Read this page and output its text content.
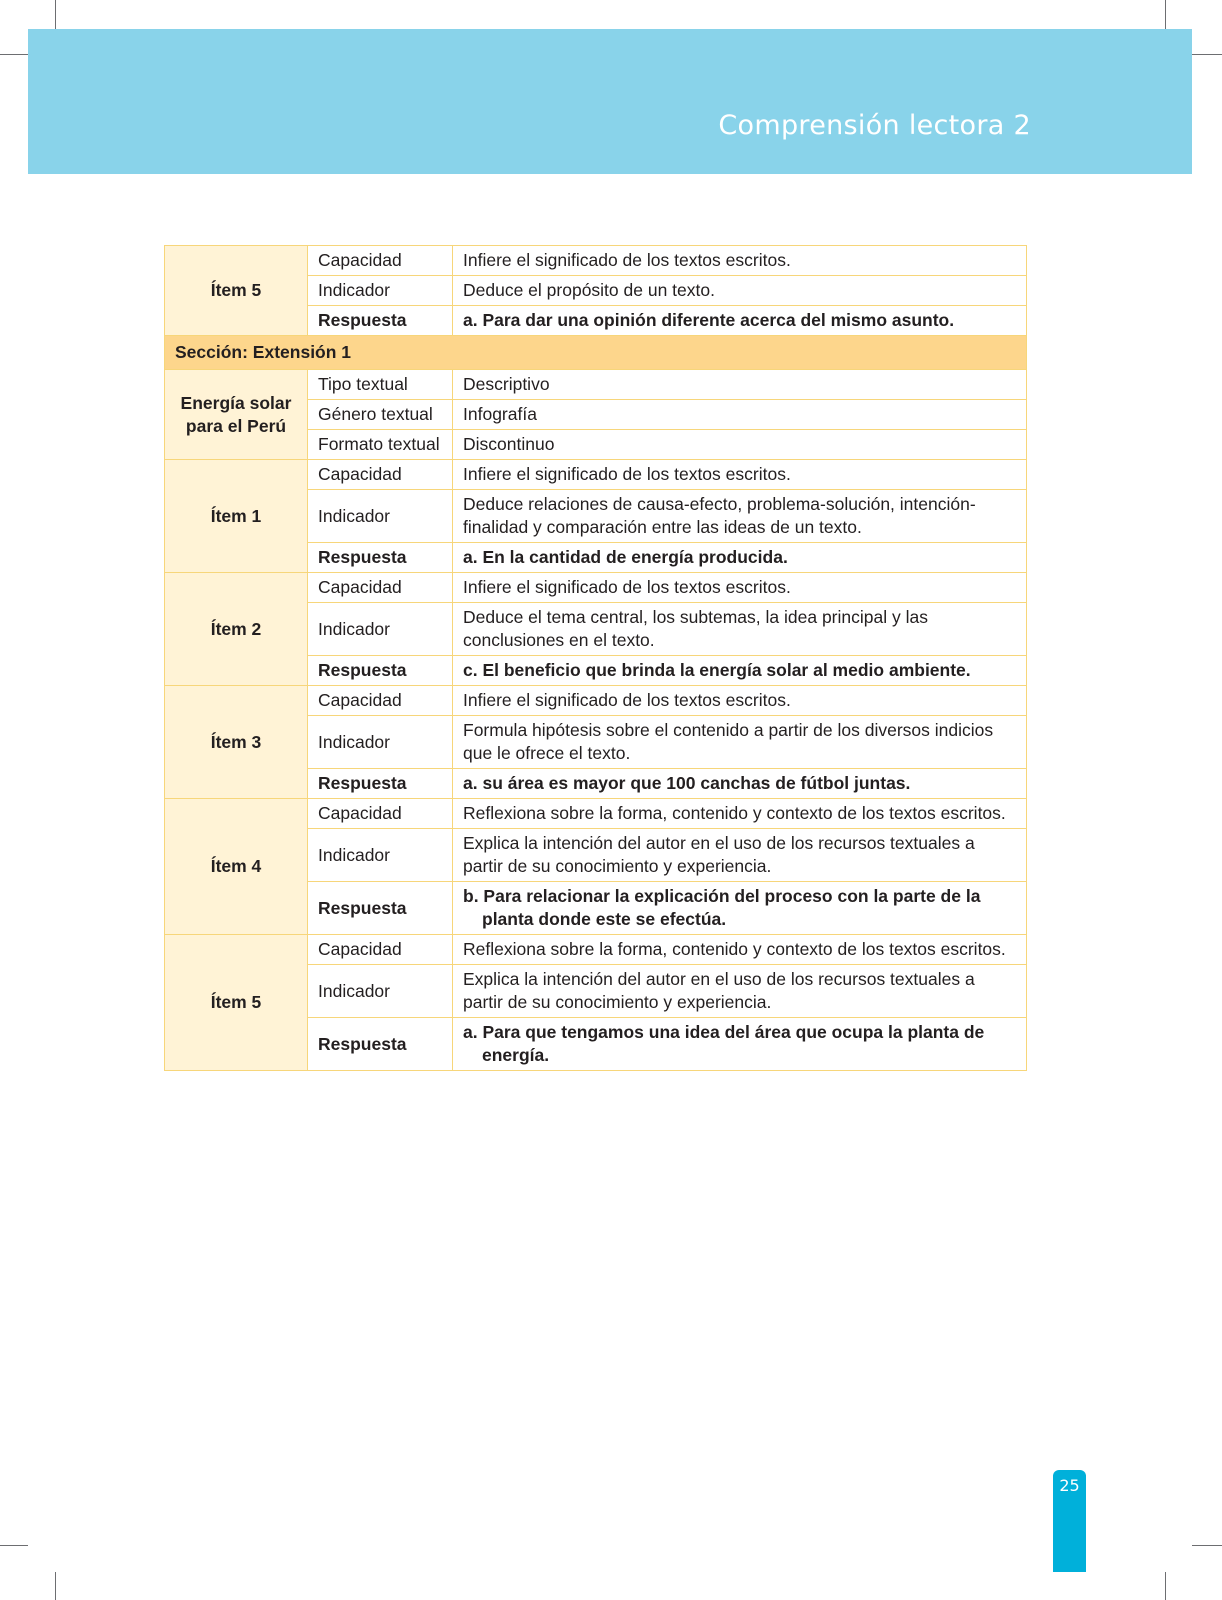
Comprensión lectora 2
Ítem 5	Capacidad	Infiere el significado de los textos escritos.
	Indicador	Deduce el propósito de un texto.
	Respuesta	a. Para dar una opinión diferente acerca del mismo asunto.
Sección: Extensión 1		
Energía solar para el Perú	Tipo textual	Descriptivo
	Género textual	Infografía
	Formato textual	Discontinuo
Ítem 1	Capacidad	Infiere el significado de los textos escritos.
	Indicador	Deduce relaciones de causa-efecto, problema-solución, intención-finalidad y comparación entre las ideas de un texto.
	Respuesta	a. En la cantidad de energía producida.
Ítem 2	Capacidad	Infiere el significado de los textos escritos.
	Indicador	Deduce el tema central, los subtemas, la idea principal y las conclusiones en el texto.
	Respuesta	c. El beneficio que brinda la energía solar al medio ambiente.
Ítem 3	Capacidad	Infiere el significado de los textos escritos.
	Indicador	Formula hipótesis sobre el contenido a partir de los diversos indicios que le ofrece el texto.
	Respuesta	a. su área es mayor que 100 canchas de fútbol juntas.
Ítem 4	Capacidad	Reflexiona sobre la forma, contenido y contexto de los textos escritos.
	Indicador	Explica la intención del autor en el uso de los recursos textuales a partir de su conocimiento y experiencia.
	Respuesta	b. Para relacionar la explicación del proceso con la parte de la planta donde este se efectúa.
Ítem 5	Capacidad	Reflexiona sobre la forma, contenido y contexto de los textos escritos.
	Indicador	Explica la intención del autor en el uso de los recursos textuales a partir de su conocimiento y experiencia.
	Respuesta	a. Para que tengamos una idea del área que ocupa la planta de energía.
25
